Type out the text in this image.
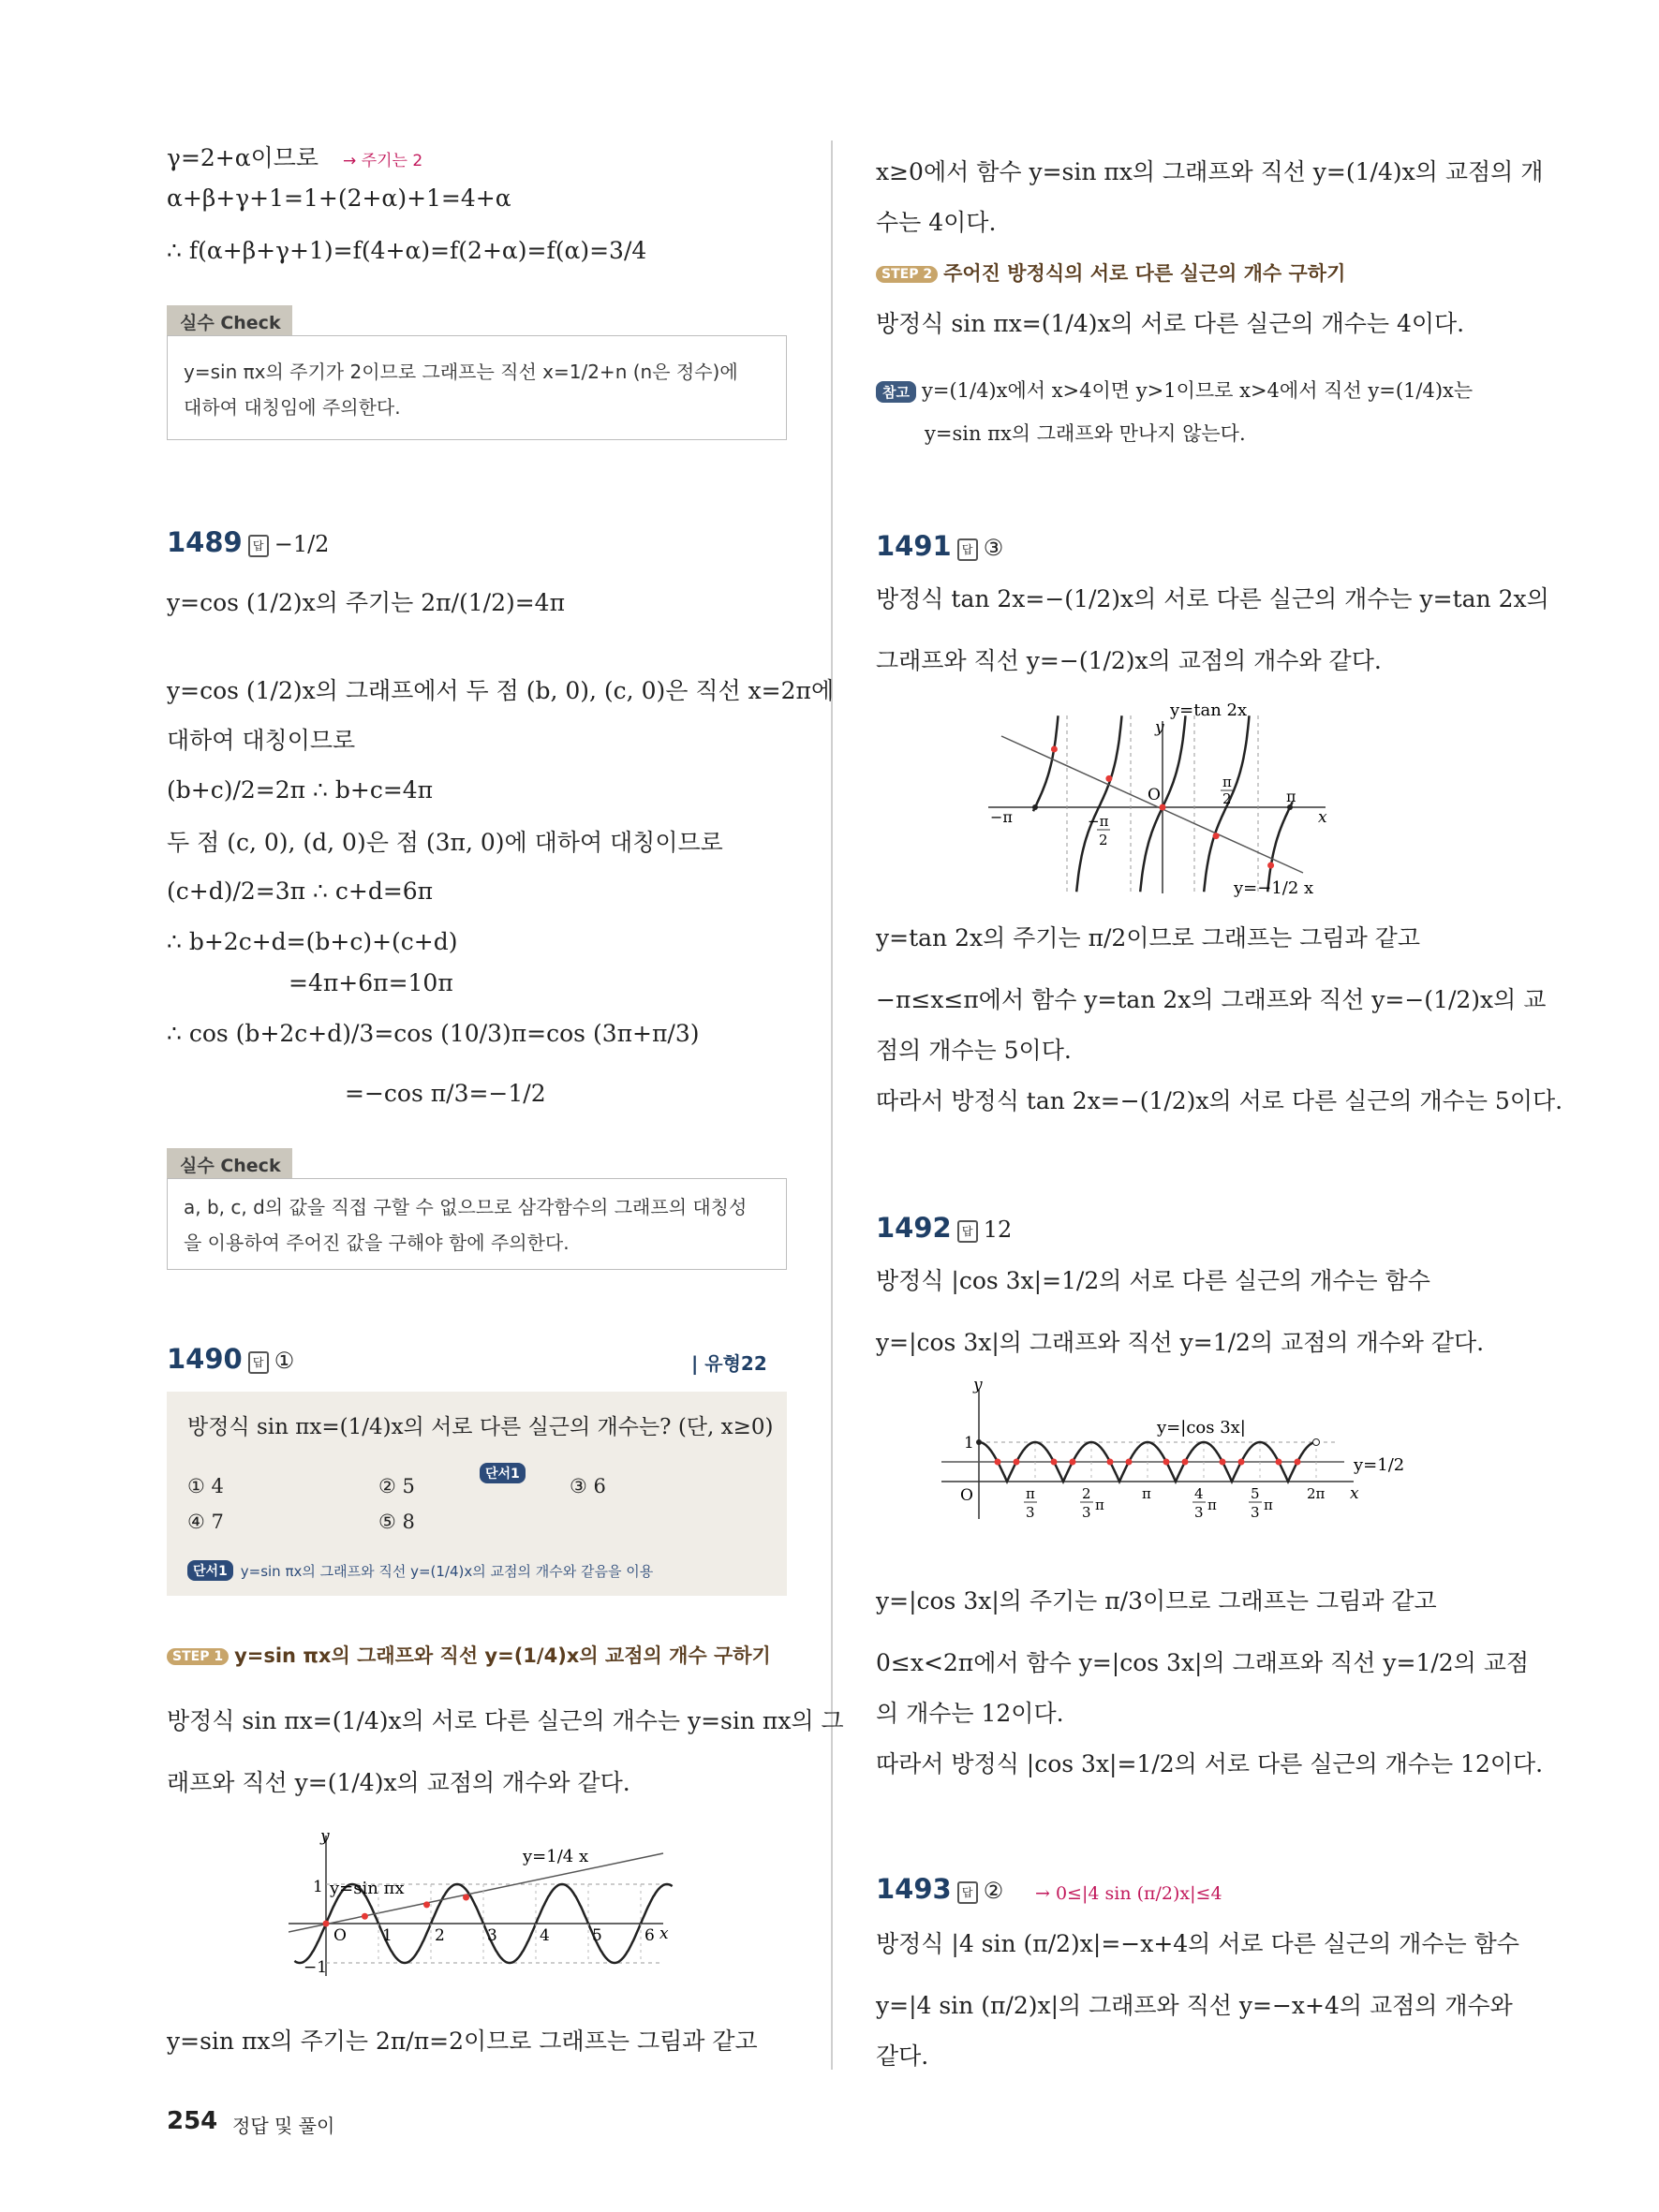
γ=2+α이므로 → 주기는 2
α+β+γ+1=1+(2+α)+1=4+α
∴ f(α+β+γ+1)=f(4+α)=f(2+α)=f(α)=3/4
실수 Check
y=sin πx의 주기가 2이므로 그래프는 직선 x=1/2+n (n은 정수)에
대하여 대칭임에 주의한다.
1489 답 −1/2
y=cos (1/2)x의 주기는 2π/(1/2)=4π
y=cos (1/2)x의 그래프에서 두 점 (b, 0), (c, 0)은 직선 x=2π에
대하여 대칭이므로
(b+c)/2=2π ∴ b+c=4π
두 점 (c, 0), (d, 0)은 점 (3π, 0)에 대하여 대칭이므로
(c+d)/2=3π ∴ c+d=6π
∴ b+2c+d=(b+c)+(c+d)
=4π+6π=10π
∴ cos (b+2c+d)/3=cos (10/3)π=cos (3π+π/3)
=−cos π/3=−1/2
실수 Check
a, b, c, d의 값을 직접 구할 수 없으므로 삼각함수의 그래프의 대칭성
을 이용하여 주어진 값을 구해야 함에 주의한다.
1490 답 ①	| 유형22
방정식 sin πx=(1/4)x의 서로 다른 실근의 개수는? (단, x≥0)
단서1
① 4	② 5	③ 6
④ 7	⑤ 8
단서1 y=sin πx의 그래프와 직선 y=(1/4)x의 교점의 개수와 같음을 이용
STEP 1 y=sin πx의 그래프와 직선 y=(1/4)x의 교점의 개수 구하기
방정식 sin πx=(1/4)x의 서로 다른 실근의 개수는 y=sin πx의 그
래프와 직선 y=(1/4)x의 교점의 개수와 같다.
y=sin πx
y=1/4 x
O
1
−1
y
x
1	2	3	4	5	6
y=sin πx의 주기는 2π/π=2이므로 그래프는 그림과 같고
x≥0에서 함수 y=sin πx의 그래프와 직선 y=(1/4)x의 교점의 개
수는 4이다.
STEP 2 주어진 방정식의 서로 다른 실근의 개수 구하기
방정식 sin πx=(1/4)x의 서로 다른 실근의 개수는 4이다.
참고 y=(1/4)x에서 x>4이면 y>1이므로 x>4에서 직선 y=(1/4)x는
y=sin πx의 그래프와 만나지 않는다.
1491 답 ③
방정식 tan 2x=−(1/2)x의 서로 다른 실근의 개수는 y=tan 2x의
그래프와 직선 y=−(1/2)x의 교점의 개수와 같다.
y=tan 2x
y=−1/2 x
O
y
x
−π
π
π
2
−π
2
y=tan 2x의 주기는 π/2이므로 그래프는 그림과 같고
−π≤x≤π에서 함수 y=tan 2x의 그래프와 직선 y=−(1/2)x의 교
점의 개수는 5이다.
따라서 방정식 tan 2x=−(1/2)x의 서로 다른 실근의 개수는 5이다.
1492 답 12
방정식 |cos 3x|=1/2의 서로 다른 실근의 개수는 함수
y=|cos 3x|의 그래프와 직선 y=1/2의 교점의 개수와 같다.
y=|cos 3x|
y=1/2
1
O
y
x
π
3
2
3 π
π	4
3 π
5
3 π
2π
y=|cos 3x|의 주기는 π/3이므로 그래프는 그림과 같고
0≤x<2π에서 함수 y=|cos 3x|의 그래프와 직선 y=1/2의 교점
의 개수는 12이다.
따라서 방정식 |cos 3x|=1/2의 서로 다른 실근의 개수는 12이다.
1493 답 ② → 0≤|4 sin (π/2)x|≤4
방정식 |4 sin (π/2)x|=−x+4의 서로 다른 실근의 개수는 함수
y=|4 sin (π/2)x|의 그래프와 직선 y=−x+4의 교점의 개수와
같다.
254 정답 및 풀이
